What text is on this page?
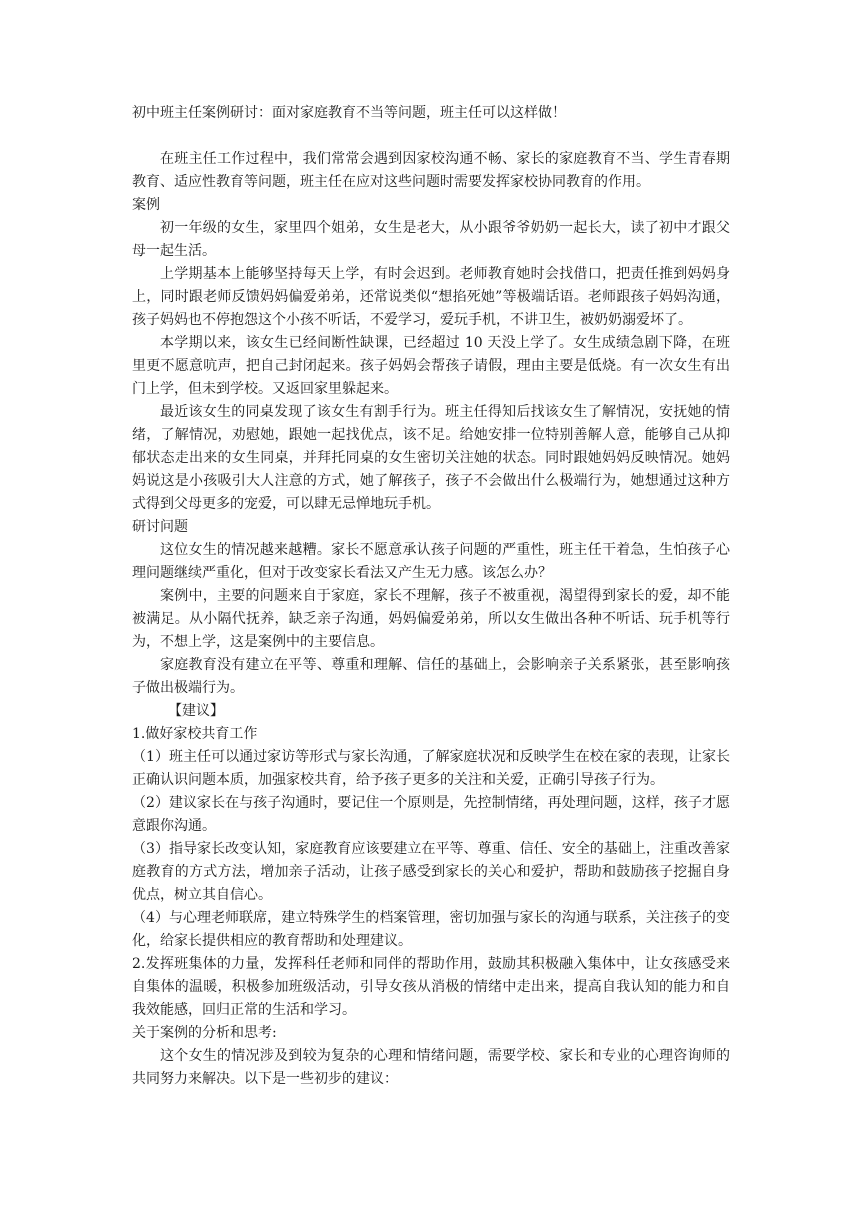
初中班主任案例研讨：面对家庭教育不当等问题，班主任可以这样做！

在班主任工作过程中，我们常常会遇到因家校沟通不畅、家长的家庭教育不当、学生青春期教育、适应性教育等问题，班主任在应对这些问题时需要发挥家校协同教育的作用。

案例

初一年级的女生，家里四个姐弟，女生是老大，从小跟爷爷奶奶一起长大，读了初中才跟父母一起生活。

上学期基本上能够坚持每天上学，有时会迟到。老师教育她时会找借口，把责任推到妈妈身上，同时跟老师反馈妈妈偏爱弟弟，还常说类似“想掐死她”等极端话语。老师跟孩子妈妈沟通，孩子妈妈也不停抱怨这个小孩不听话，不爱学习，爱玩手机，不讲卫生，被奶奶溺爱坏了。

本学期以来，该女生已经间断性缺课，已经超过 10 天没上学了。女生成绩急剧下降，在班里更不愿意吭声，把自己封闭起来。孩子妈妈会帮孩子请假，理由主要是低烧。有一次女生有出门上学，但未到学校。又返回家里躲起来。

最近该女生的同桌发现了该女生有割手行为。班主任得知后找该女生了解情况，安抚她的情绪，了解情况，劝慰她，跟她一起找优点，该不足。给她安排一位特别善解人意，能够自己从抑郁状态走出来的女生同桌，并拜托同桌的女生密切关注她的状态。同时跟她妈妈反映情况。她妈妈说这是小孩吸引大人注意的方式，她了解孩子，孩子不会做出什么极端行为，她想通过这种方式得到父母更多的宠爱，可以肆无忌惮地玩手机。

研讨问题

这位女生的情况越来越糟。家长不愿意承认孩子问题的严重性，班主任干着急，生怕孩子心理问题继续严重化，但对于改变家长看法又产生无力感。该怎么办？

案例中，主要的问题来自于家庭，家长不理解，孩子不被重视，渴望得到家长的爱，却不能被满足。从小隔代抚养，缺乏亲子沟通，妈妈偏爱弟弟，所以女生做出各种不听话、玩手机等行为，不想上学，这是案例中的主要信息。

家庭教育没有建立在平等、尊重和理解、信任的基础上，会影响亲子关系紧张，甚至影响孩子做出极端行为。

【建议】

1.做好家校共育工作

（1）班主任可以通过家访等形式与家长沟通，了解家庭状况和反映学生在校在家的表现，让家长正确认识问题本质，加强家校共育，给予孩子更多的关注和关爱，正确引导孩子行为。

（2）建议家长在与孩子沟通时，要记住一个原则是，先控制情绪，再处理问题，这样，孩子才愿意跟你沟通。

（3）指导家长改变认知，家庭教育应该要建立在平等、尊重、信任、安全的基础上，注重改善家庭教育的方式方法，增加亲子活动，让孩子感受到家长的关心和爱护，帮助和鼓励孩子挖掘自身优点，树立其自信心。

（4）与心理老师联席，建立特殊学生的档案管理，密切加强与家长的沟通与联系，关注孩子的变化，给家长提供相应的教育帮助和处理建议。

2.发挥班集体的力量，发挥科任老师和同伴的帮助作用，鼓励其积极融入集体中，让女孩感受来自集体的温暖，积极参加班级活动，引导女孩从消极的情绪中走出来，提高自我认知的能力和自我效能感，回归正常的生活和学习。

关于案例的分析和思考:

这个女生的情况涉及到较为复杂的心理和情绪问题，需要学校、家长和专业的心理咨询师的共同努力来解决。以下是一些初步的建议：
